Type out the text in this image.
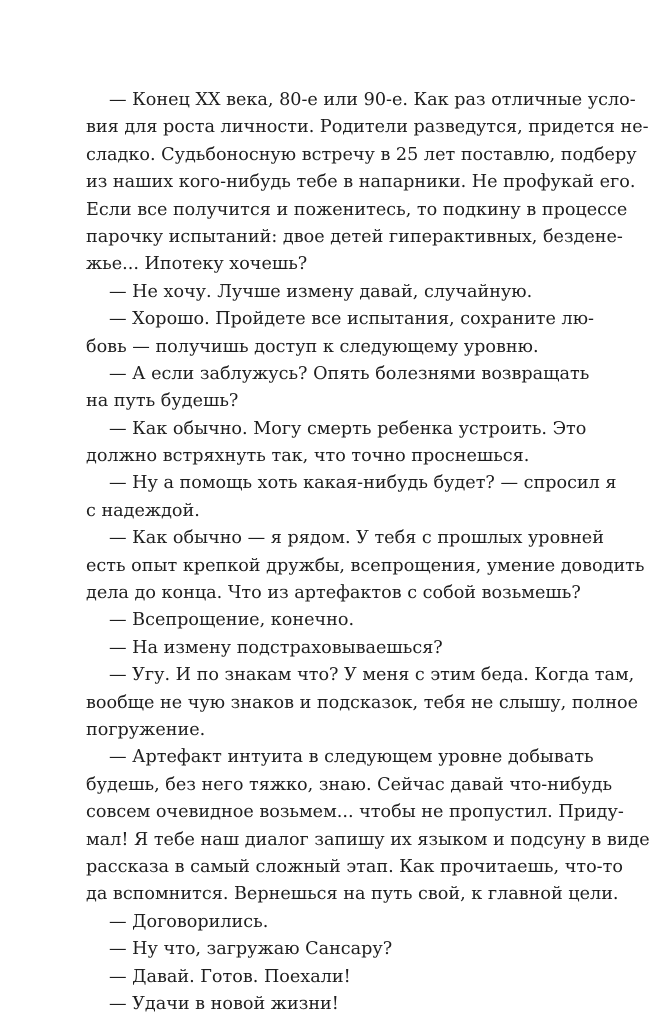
— Конец XX века, 80-е или 90-е. Как раз отличные усло-
вия для роста личности. Родители разведутся, придется не-
сладко. Судьбоносную встречу в 25 лет поставлю, подберу
из наших кого-нибудь тебе в напарники. Не профукай его.
Если все получится и поженитесь, то подкину в процессе
парочку испытаний: двое детей гиперактивных, безденe-
жье... Ипотеку хочешь?
— Не хочу. Лучше измену давай, случайную.
— Хорошо. Пройдете все испытания, сохраните лю-
бовь — получишь доступ к следующему уровню.
— А если заблужусь? Опять болезнями возвращать
на путь будешь?
— Как обычно. Могу смерть ребенка устроить. Это
должно встряхнуть так, что точно проснешься.
— Ну а помощь хоть какая-нибудь будет? — спросил я
с надеждой.
— Как обычно — я рядом. У тебя с прошлых уровней
есть опыт крепкой дружбы, всепрощения, умение доводить
дела до конца. Что из артефактов с собой возьмешь?
— Всепрощение, конечно.
— На измену подстраховываешься?
— Угу. И по знакам что? У меня с этим беда. Когда там,
вообще не чую знаков и подсказок, тебя не слышу, полное
погружение.
— Артефакт интуита в следующем уровне добывать
будешь, без него тяжко, знаю. Сейчас давай что-нибудь
совсем очевидное возьмем... чтобы не пропустил. Приду-
мал! Я тебе наш диалог запишу их языком и подсуну в виде
рассказа в самый сложный этап. Как прочитаешь, что-то
да вспомнится. Вернешься на путь свой, к главной цели.
— Договорились.
— Ну что, загружаю Сансару?
— Давай. Готов. Поехали!
— Удачи в новой жизни!
